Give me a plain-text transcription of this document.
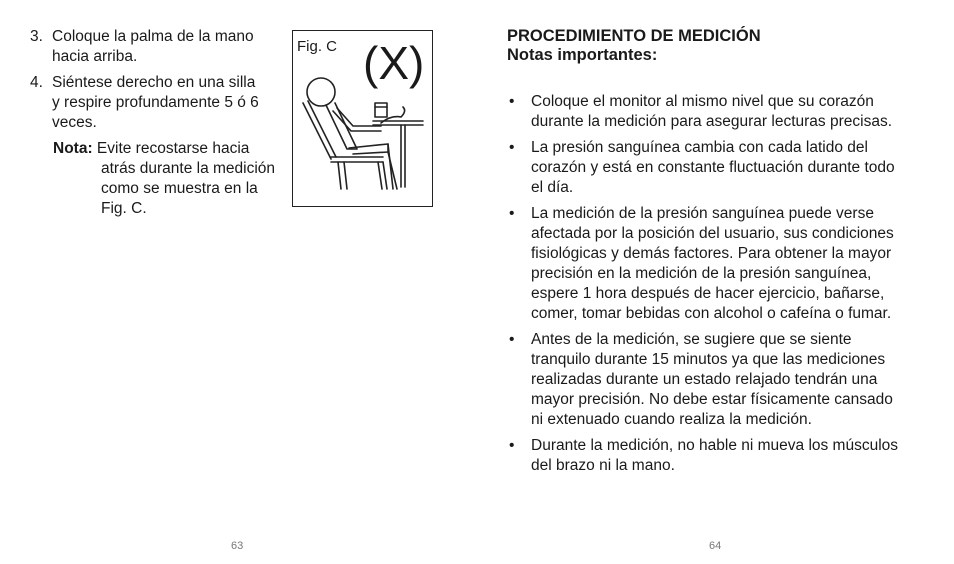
3. Coloque la palma de la mano
hacia arriba.
4. Siéntese derecho en una silla
y respire profundamente 5 ó 6
veces.
Nota: Evite recostarse hacia
atrás durante la medición
como se muestra en la
Fig. C.
Fig. C (X)
63
PROCEDIMIENTO DE MEDICIÓN
Notas importantes:
•	Coloque el monitor al mismo nivel que su corazón
durante la medición para asegurar lecturas precisas.
•	La presión sanguínea cambia con cada latido del
corazón y está en constante fluctuación durante todo
el día.
•	La medición de la presión sanguínea puede verse
afectada por la posición del usuario, sus condiciones
fisiológicas y demás factores. Para obtener la mayor
precisión en la medición de la presión sanguínea,
espere 1 hora después de hacer ejercicio, bañarse,
comer, tomar bebidas con alcohol o cafeína o fumar.
•	Antes de la medición, se sugiere que se siente
tranquilo durante 15 minutos ya que las mediciones
realizadas durante un estado relajado tendrán una
mayor precisión. No debe estar físicamente cansado
ni extenuado cuando realiza la medición.
•	Durante la medición, no hable ni mueva los músculos
del brazo ni la mano.
64
